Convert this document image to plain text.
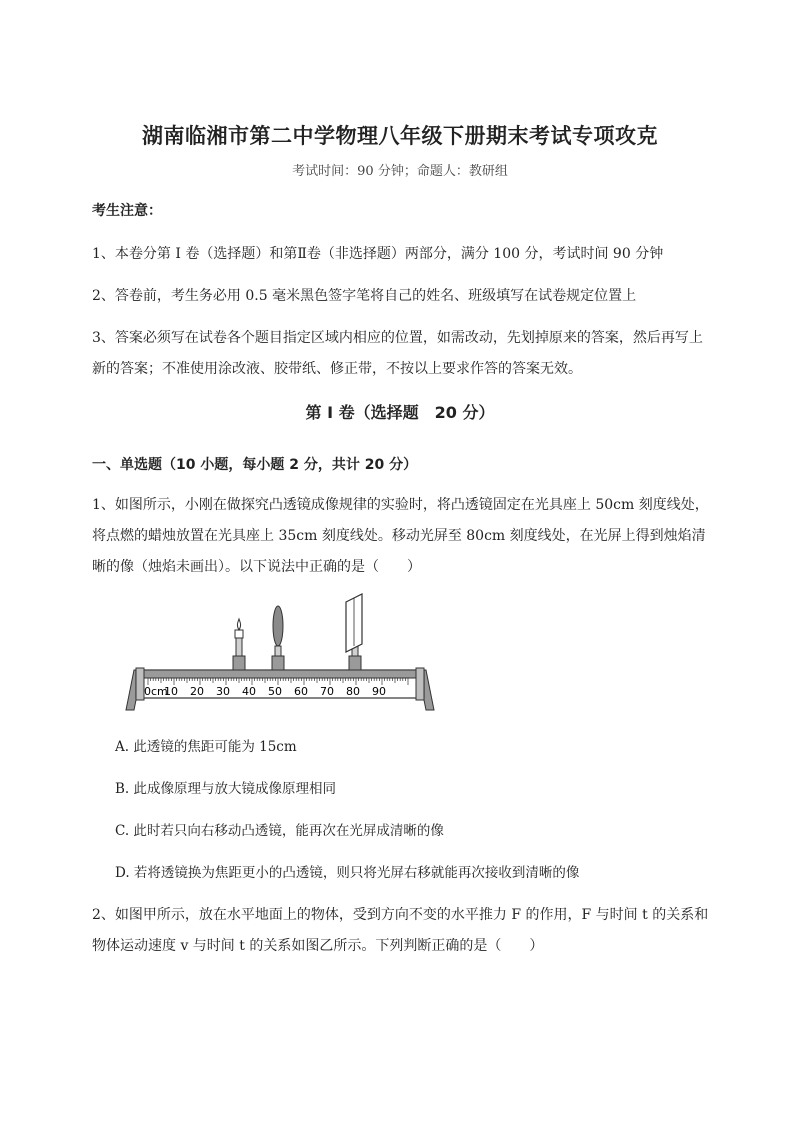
湖南临湘市第二中学物理八年级下册期末考试专项攻克
考试时间：90 分钟；命题人：教研组
考生注意：
1、本卷分第 I 卷（选择题）和第Ⅱ卷（非选择题）两部分，满分 100 分，考试时间 90 分钟
2、答卷前，考生务必用 0.5 毫米黑色签字笔将自己的姓名、班级填写在试卷规定位置上
3、答案必须写在试卷各个题目指定区域内相应的位置，如需改动，先划掉原来的答案，然后再写上新的答案；不准使用涂改液、胶带纸、修正带，不按以上要求作答的答案无效。
第 I 卷（选择题　20 分）
一、单选题（10 小题，每小题 2 分，共计 20 分）
1、如图所示，小刚在做探究凸透镜成像规律的实验时，将凸透镜固定在光具座上 50cm 刻度线处，将点燃的蜡烛放置在光具座上 35cm 刻度线处。移动光屏至 80cm 刻度线处，在光屏上得到烛焰清晰的像（烛焰未画出）。以下说法中正确的是（　　）
0cm
10 20 30 40 50 60 70 80 90
A. 此透镜的焦距可能为 15cm
B. 此成像原理与放大镜成像原理相同
C. 此时若只向右移动凸透镜，能再次在光屏成清晰的像
D. 若将透镜换为焦距更小的凸透镜，则只将光屏右移就能再次接收到清晰的像
2、如图甲所示，放在水平地面上的物体，受到方向不变的水平推力 F 的作用，F 与时间 t 的关系和物体运动速度 v 与时间 t 的关系如图乙所示。下列判断正确的是（　　）
